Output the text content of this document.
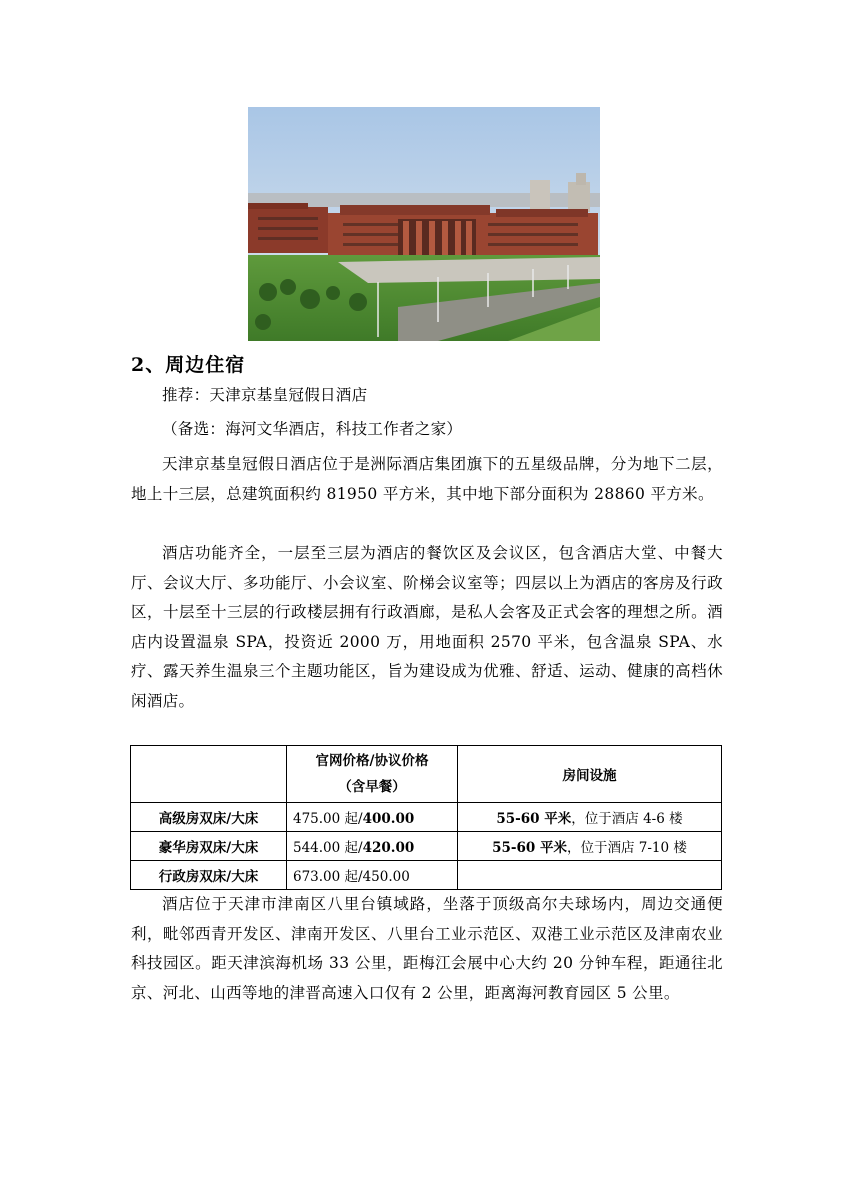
2、周边住宿
推荐：天津京基皇冠假日酒店
（备选：海河文华酒店，科技工作者之家）
天津京基皇冠假日酒店位于是洲际酒店集团旗下的五星级品牌，分为地下二层，地上十三层，总建筑面积约 81950 平方米，其中地下部分面积为 28860 平方米。
酒店功能齐全，一层至三层为酒店的餐饮区及会议区，包含酒店大堂、中餐大厅、会议大厅、多功能厅、小会议室、阶梯会议室等；四层以上为酒店的客房及行政区，十层至十三层的行政楼层拥有行政酒廊，是私人会客及正式会客的理想之所。酒店内设置温泉 SPA，投资近 2000 万，用地面积 2570 平米，包含温泉 SPA、水疗、露天养生温泉三个主题功能区，旨为建设成为优雅、舒适、运动、健康的高档休闲酒店。

	官网价格/协议价格
（含早餐）	房间设施
高级房双床/大床	475.00 起/400.00	55-60 平米，位于酒店 4-6 楼
豪华房双床/大床	544.00 起/420.00	55-60 平米，位于酒店 7-10 楼
行政房双床/大床	673.00 起/450.00	
酒店位于天津市津南区八里台镇域路，坐落于顶级高尔夫球场内，周边交通便利，毗邻西青开发区、津南开发区、八里台工业示范区、双港工业示范区及津南农业科技园区。距天津滨海机场 33 公里，距梅江会展中心大约 20 分钟车程，距通往北京、河北、山西等地的津晋高速入口仅有 2 公里，距离海河教育园区 5 公里。
